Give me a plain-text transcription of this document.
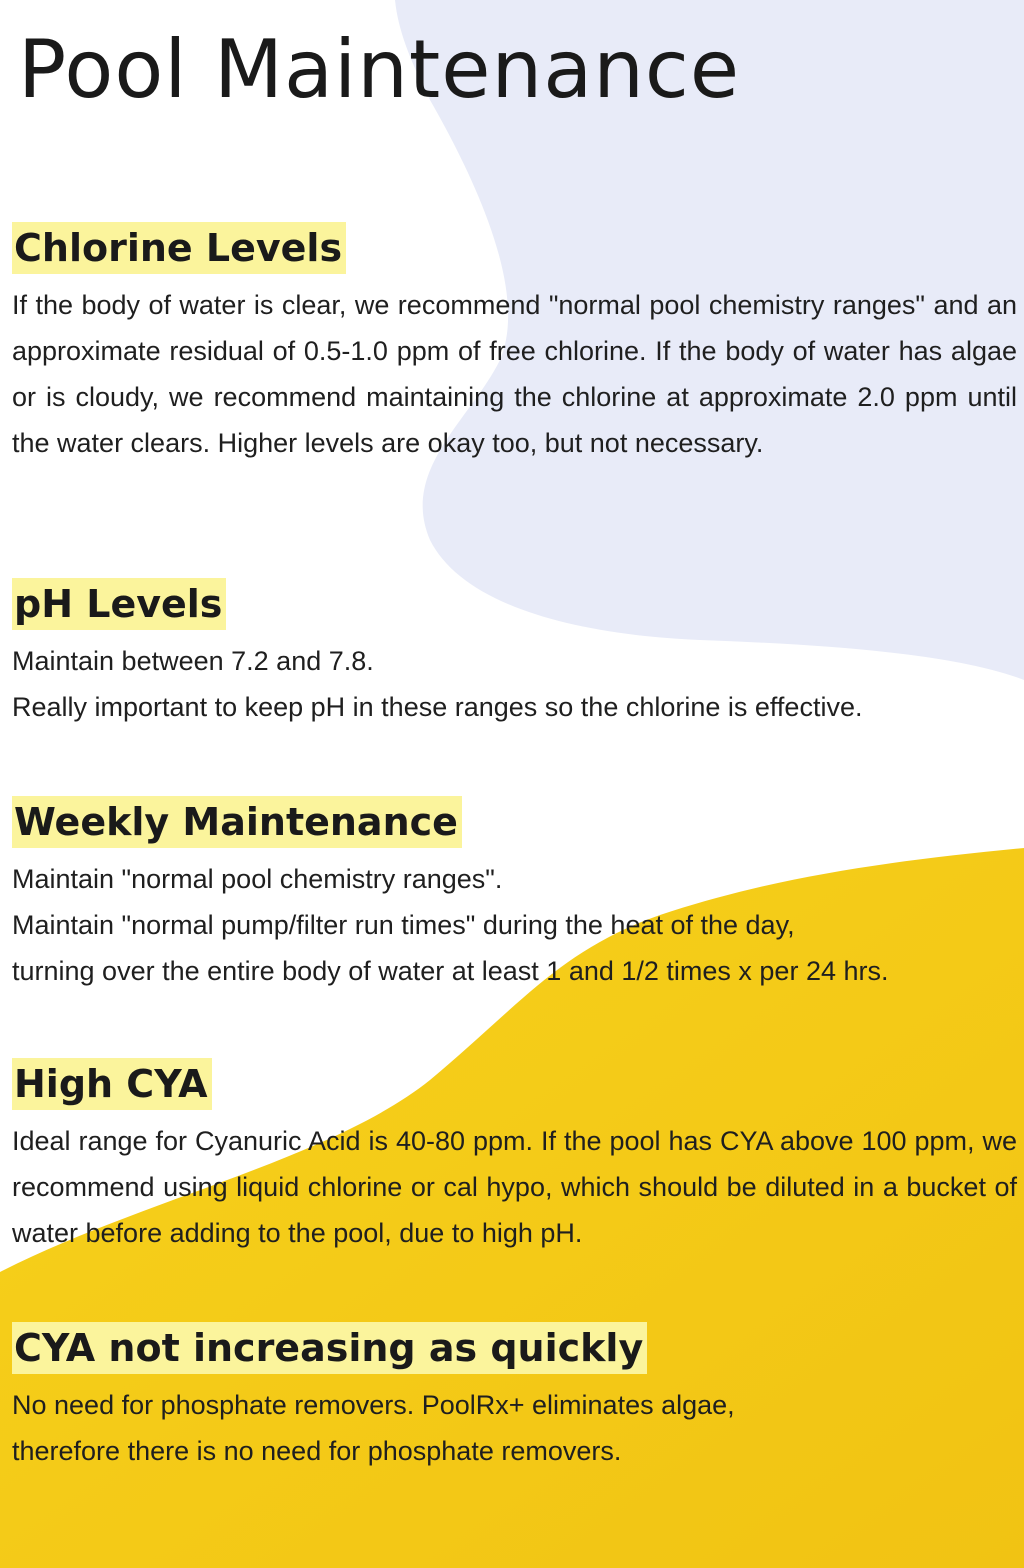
Pool Maintenance
Chlorine Levels

If the body of water is clear, we recommend "normal pool chemistry ranges" and an approximate residual of 0.5-1.0 ppm of free chlorine. If the body of water has algae or is cloudy, we recommend maintaining the chlorine at approximate 2.0 ppm until the water clears. Higher levels are okay too, but not necessary.

pH Levels

Maintain between 7.2 and 7.8.
Really important to keep pH in these ranges so the chlorine is effective.

Weekly Maintenance

Maintain "normal pool chemistry ranges".
Maintain "normal pump/filter run times" during the heat of the day,
turning over the entire body of water at least 1 and 1/2 times x per 24 hrs.

High CYA

Ideal range for Cyanuric Acid is 40-80 ppm. If the pool has CYA above 100 ppm, we recommend using liquid chlorine or cal hypo, which should be diluted in a bucket of water before adding to the pool, due to high pH.

CYA not increasing as quickly

No need for phosphate removers. PoolRx+ eliminates algae,
therefore there is no need for phosphate removers.
